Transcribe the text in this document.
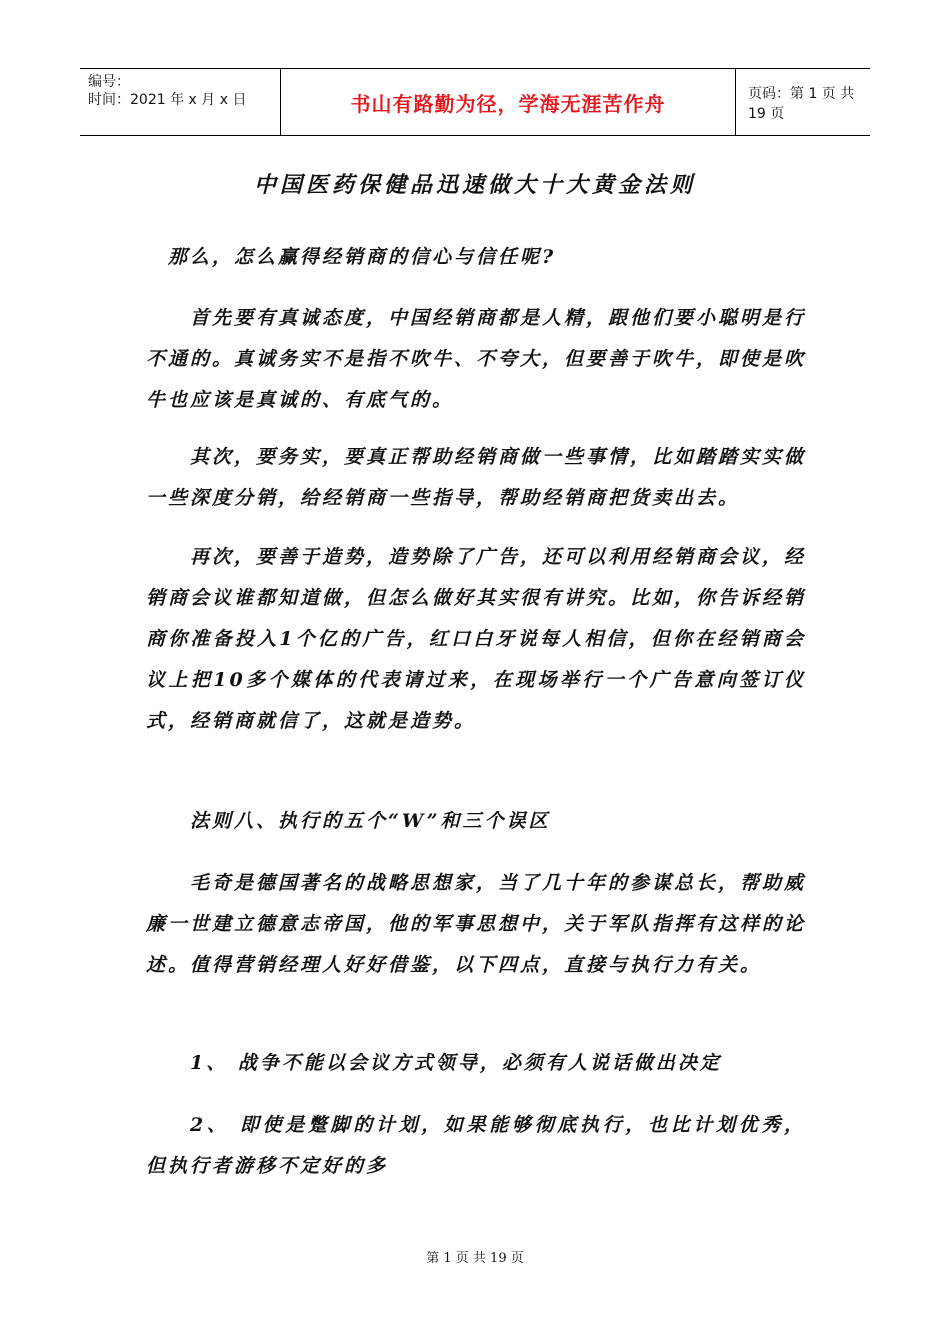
编号：
时间：2021 年 x 月 x 日	书山有路勤为径，学海无涯苦作舟	页码：第 1 页 共 19 页
中国医药保健品迅速做大十大黄金法则
那么，怎么赢得经销商的信心与信任呢?
首先要有真诚态度，中国经销商都是人精，跟他们要小聪明是行不通的。真诚务实不是指不吹牛、不夸大，但要善于吹牛，即使是吹牛也应该是真诚的、有底气的。
其次，要务实，要真正帮助经销商做一些事情，比如踏踏实实做一些深度分销，给经销商一些指导，帮助经销商把货卖出去。
再次，要善于造势，造势除了广告，还可以利用经销商会议，经销商会议谁都知道做，但怎么做好其实很有讲究。比如，你告诉经销商你准备投入1个亿的广告，红口白牙说每人相信，但你在经销商会议上把10多个媒体的代表请过来，在现场举行一个广告意向签订仪式，经销商就信了，这就是造势。
法则八、执行的五个“W”和三个误区
毛奇是德国著名的战略思想家，当了几十年的参谋总长，帮助威廉一世建立德意志帝国，他的军事思想中，关于军队指挥有这样的论述。值得营销经理人好好借鉴，以下四点，直接与执行力有关。
1、 战争不能以会议方式领导，必须有人说话做出决定
2、 即使是蹩脚的计划，如果能够彻底执行，也比计划优秀，但执行者游移不定好的多
第 1 页 共 19 页
